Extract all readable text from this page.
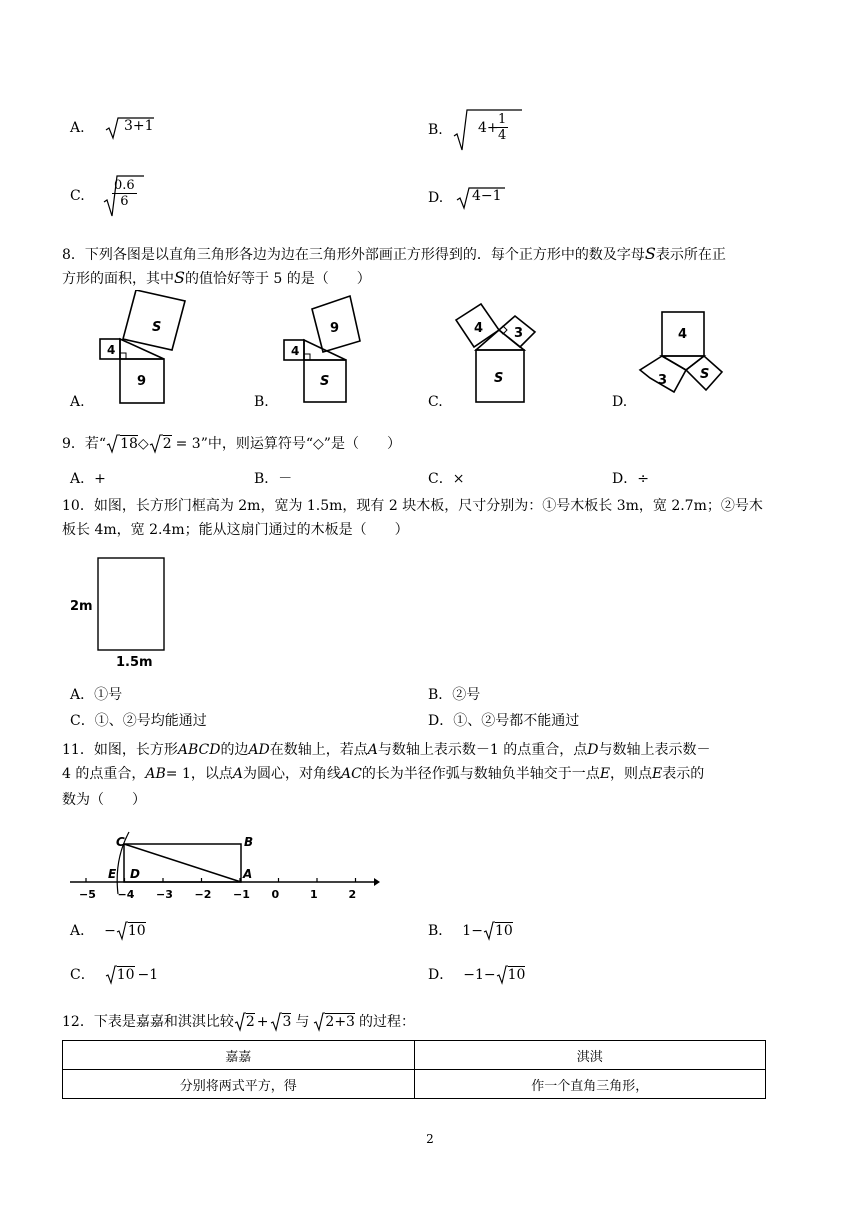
A.	3+1	B.	4+
$\frac{1}{4}$
C. $\frac{0.6}{6}$	D. 4−1
8．下列各图是以直角三角形各边为边在三角形外部画正方形得到的．每个正方形中的数及字母S表示所在正
方形的面积，其中S的值恰好等于 5 的是（　　）
S
4
9
A.
9
4
S
B.
4 3
S
C.
4
3	S
D.
9．若“ 18◇ 2 = 3”中，则运算符号“◇”是（　　）
A．+	B．－	C．×	D．÷
10．如图，长方形门框高为 2m，宽为 1.5m，现有 2 块木板，尺寸分别为：①号木板长 3m，宽 2.7m；②号木
板长 4m，宽 2.4m；能从这扇门通过的木板是（　　）
2m
1.5m
A．①号	B．②号
C．①、②号均能通过	D．①、②号都不能通过
11．如图，长方形ABCD的边AD在数轴上，若点A与数轴上表示数－1 的点重合，点D与数轴上表示数－
4 的点重合，AB= 1，以点A为圆心，对角线AC的长为半径作弧与数轴负半轴交于一点E，则点E表示的
数为（　　）
−5 −4 −3 −2 −1 0	1	2
C	B
E D	A
A． − 10	B． 1− 10
C． 10 −1	D． −1− 10
12．下表是嘉嘉和淇淇比较 2 + 3 与 2+3 的过程：
嘉嘉	淇淇
分别将两式平方，得	作一个直角三角形，
2
